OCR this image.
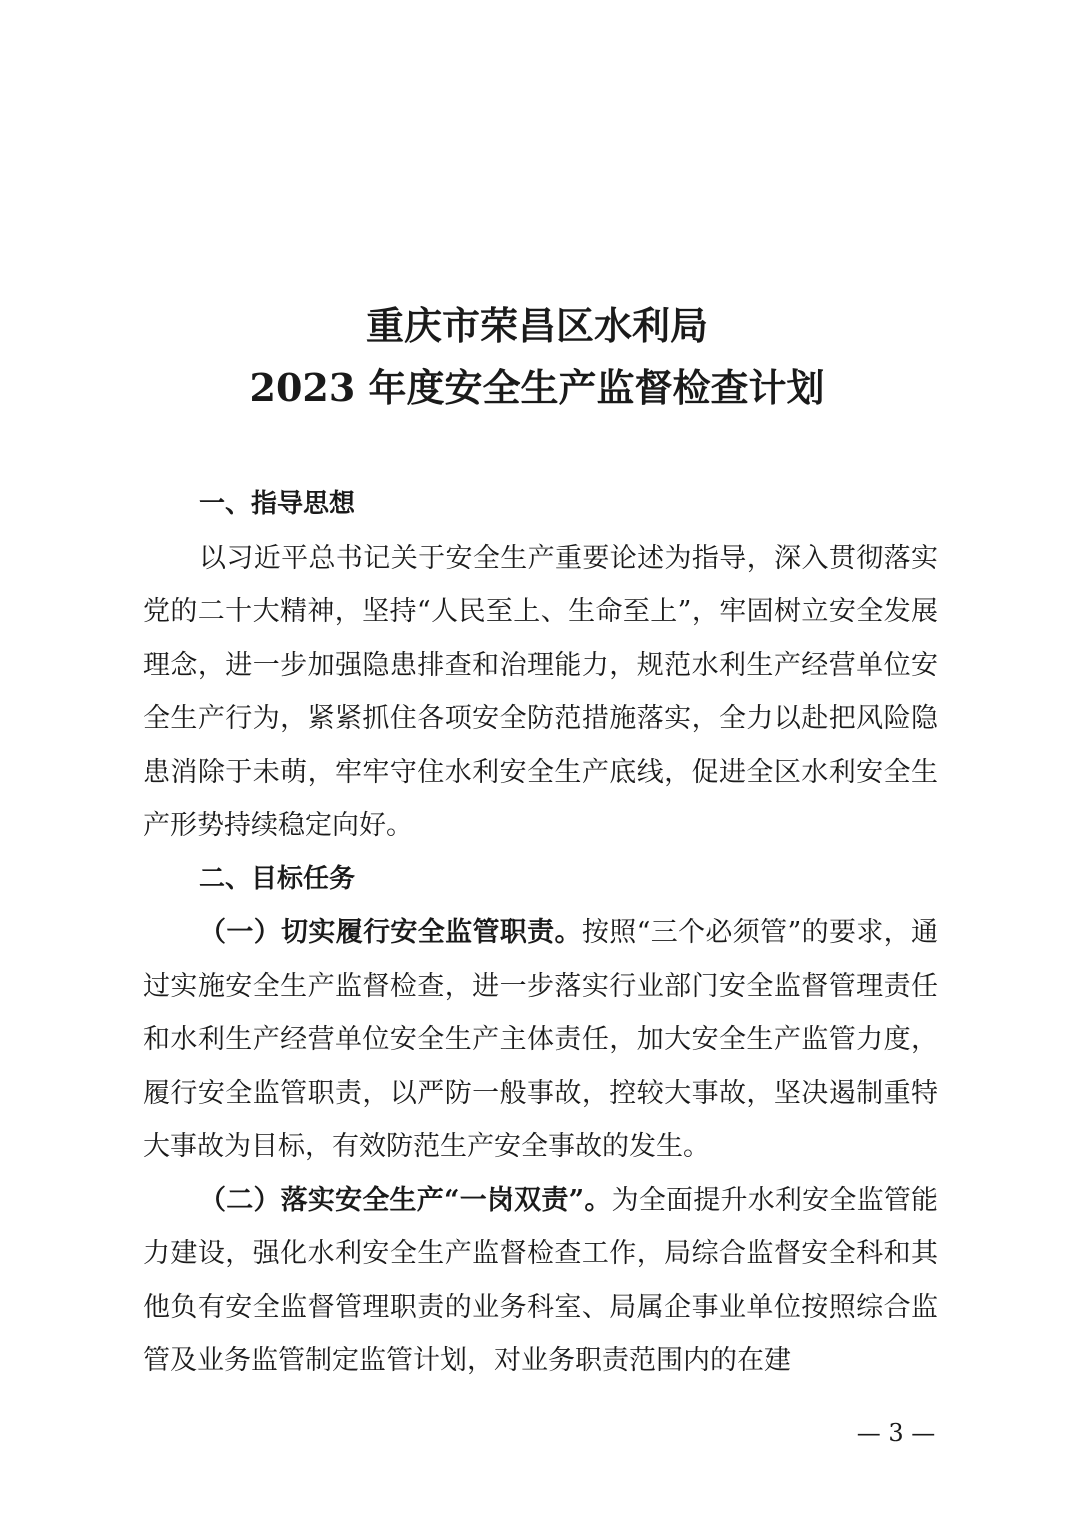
重庆市荣昌区水利局
2023 年度安全生产监督检查计划
一、指导思想

以习近平总书记关于安全生产重要论述为指导，深入贯彻落实党的二十大精神，坚持“人民至上、生命至上”，牢固树立安全发展理念，进一步加强隐患排查和治理能力，规范水利生产经营单位安全生产行为，紧紧抓住各项安全防范措施落实，全力以赴把风险隐患消除于未萌，牢牢守住水利安全生产底线，促进全区水利安全生产形势持续稳定向好。

二、目标任务

（一）切实履行安全监管职责。按照“三个必须管”的要求，通过实施安全生产监督检查，进一步落实行业部门安全监督管理责任和水利生产经营单位安全生产主体责任，加大安全生产监管力度，履行安全监管职责，以严防一般事故，控较大事故，坚决遏制重特大事故为目标，有效防范生产安全事故的发生。

（二）落实安全生产“一岗双责”。为全面提升水利安全监管能力建设，强化水利安全生产监督检查工作，局综合监督安全科和其他负有安全监督管理职责的业务科室、局属企事业单位按照综合监管及业务监管制定监管计划，对业务职责范围内的在建

— 3 —
